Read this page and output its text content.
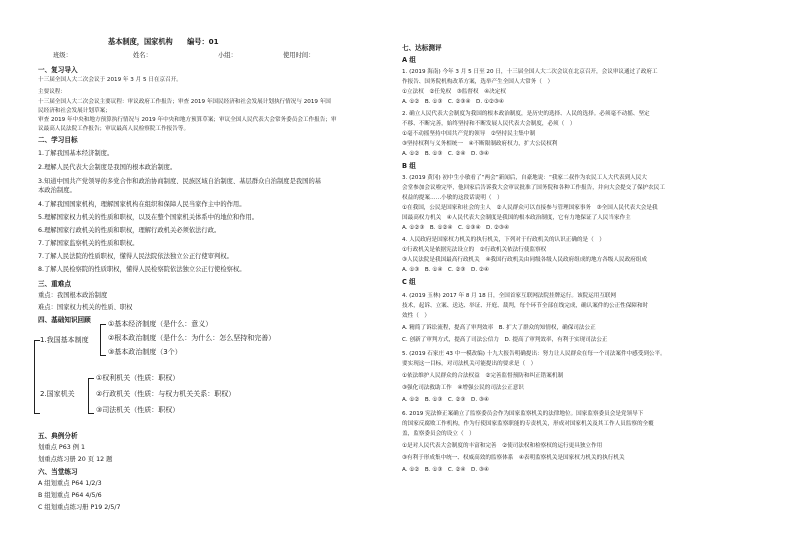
基本制度，国家机构　　编号：01
班级：	姓名：	小组：	使用时间：
一、复习导入
十三届全国人大二次会议于 2019 年 3 月 5 日在京召开。
主要议程：
十三届全国人大二次会议主要议程：审议政府工作报告；审查 2019 年国民经济和社会发展计划执行情况与 2019 年国
民经济和社会发展计划草案；
审查 2019 年中央和地方预算执行情况与 2019 年中央和地方预算草案；审议全国人民代表大会常务委员会工作报告；审
议最高人民法院工作报告；审议最高人民检察院工作报告等。
二、学习目标
1.了解我国基本经济制度。
2.理解人民代表大会制度是我国的根本政治制度。
3.知道中国共产党领导的多党合作和政治协商制度、民族区域自治制度、基层群众自治制度是我国的基
本政治制度。
4.了解我国国家机构，理解国家机构在组织和保障人民当家作主中的作用。
5.理解国家权力机关的性质和职权，以及在整个国家机关体系中的地位和作用。
6.理解国家行政机关的性质和职权，理解行政机关必须依法行政。
7.了解国家监察机关的性质和职权。
7.了解人民法院的性质职权，懂得人民法院依法独立公正行使审判权。
8.了解人民检察院的性质职权，懂得人民检察院依法独立公正行使检察权。
三、重难点
重点：我国根本政治制度
难点：国家权力机关的性质、职权
四、基础知识回顾
1.我国基本制度
①基本经济制度（是什么：意义）
②根本政治制度（是什么：为什么：怎么坚持和完善）
③基本政治制度（3个）
2.国家机关
①权利机关（性质：职权）
②行政机关（性质：与权力机关关系：职权）
③司法机关（性质：职权）
五、典例分析
划重点 P63 例 1
划重点练习册 20 页 12 题
六、当堂练习
A 组划重点 P64 1/2/3
B 组划重点 P64 4/5/6
C 组划重点练习册 P19 2/5/7
七、达标测评
A 组
1. (2019 海南) 今年 3 月 5 日至 20 日，十三届全国人大二次会议在北京召开，会议审议通过了政府工
作报告、国务院机构改革方案，选举产生全国人大常务（　）
①立法权　②任免权　③监督权　④决定权
A. ①②　B. ①③　C. ②③④　D. ①②③④
2. 确立人民代表大会制度为我国的根本政治制度，是历史的选择、人民的选择。必须毫不动摇、坚定
不移、不断完善，始终坚持和不断发展人民代表大会制度，必须（　）
①毫不动摇坚持中国共产党的领导　②坚持民主集中制
③坚持权利与义务相统一　④不断限制政府权力，扩大公民权利
A. ①②　B. ①③　C. ②④　D. ③④
B 组
3. (2019 黄冈) 初中生小敏看了“两会”新闻后，自豪地说：“我家二叔作为农民工人大代表到人民大
会堂参加会议啦完毕，他回家后告诉我大会审议批准了国务院和各种工作报告，并向大会提交了保护农民工
权益的提案……小敏的这段话说明（　）
①在我国，公民是国家和社会的主人　②人民群众可以直接参与管理国家事务　③全国人民代表大会是我
国最高权力机关　④人民代表大会制度是我国的根本政治制度，它有力地保证了人民当家作主
A. ①②③　B. ①②④　C. ①③④　D. ②③④
4. 人民政府是国家权力机关的执行机关，下列对于行政机关的认识正确的是（　）
①行政机关是依据宪法设立的　②行政机关依法行使监察权
③人民法院是我国最高行政机关　④我国行政机关由同级各级人民政府组成的地方各级人民政府组成
A. ①③　B. ①④　C. ②③　D. ②④
C 组
4. (2019 玉林) 2017 年 8 月 18 日，全国首家互联网法院挂牌运行。该院运用互联网
技术，起诉、立案、送达、举证、开庭、裁判，每个环节全部在线完成，确认案件的公正性保障和时
效性（　）
A. 精简了诉讼流程，提高了审判效率　B. 扩大了群众的知情权，确保司法公正
C. 创新了审判方式，提高了司法公信力　D. 提高了审判效率，有利于实现司法公正
5. (2019 石家庄 43 中一模改编) 十九大报告明确提出：努力让人民群众在每一个司法案件中感受到公平。
要实现这一目标，对司法机关可能提出的要求是（　）
①依法维护人民群众的合法权益　②完善监督预防和纠正错案机制
③强化司法救助工作　④增强公民的司法公正意识
A. ①②　B. ①③　C. ②③　D. ③④
6. 2019 宪法修正案确立了监察委员会作为国家监察机关的法律地位。国家监察委员会是党领导下
的国家反腐败工作机构，作为行使国家监察职能的专责机关，形成对国家机关及其工作人员监察的全覆
盖，监察委员会的设立（　）
①是对人民代表大会制度的丰富和完善　②使司法权和检察权的运行更具独立作用
③有利于形成集中统一、权威高效的监察体系　④表明监察机关是国家权力机关的执行机关
A. ①②　B. ①③　C. ②④　D. ③④
